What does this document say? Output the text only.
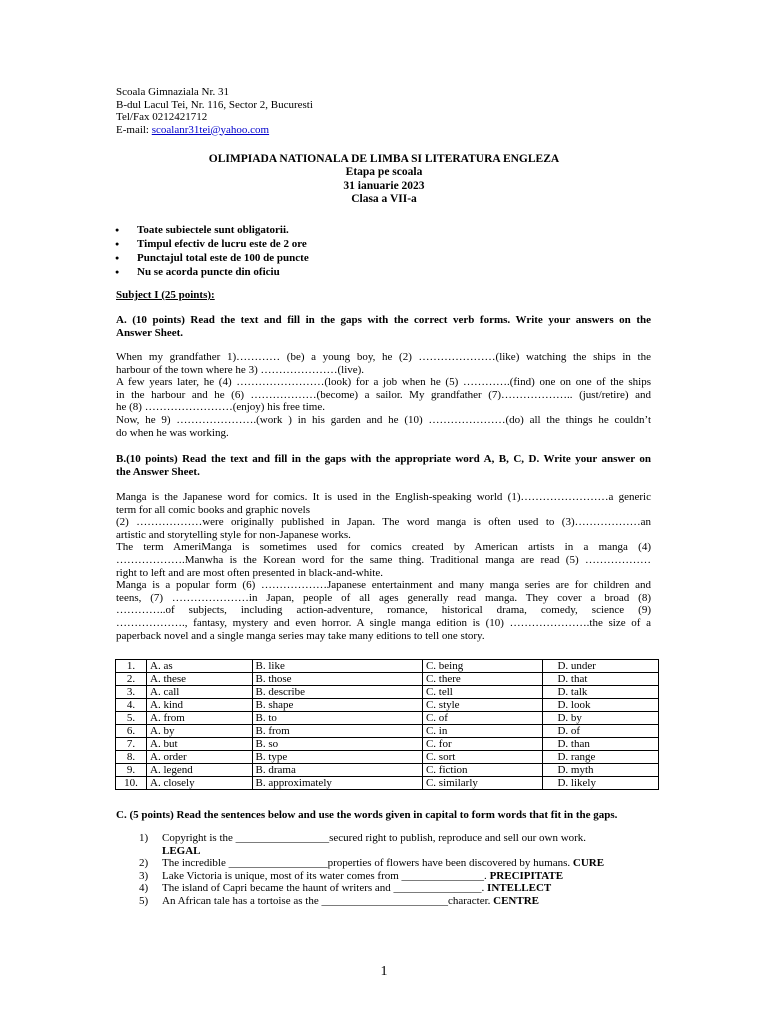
Scoala Gimnaziala Nr. 31
B-dul Lacul Tei, Nr. 116, Sector 2, Bucuresti
Tel/Fax 0212421712
E-mail: scoalanr31tei@yahoo.com
OLIMPIADA NATIONALA DE LIMBA SI LITERATURA ENGLEZA
Etapa pe scoala
31 ianuarie 2023
Clasa a VII-a
● Toate subiectele sunt obligatorii.
● Timpul efectiv de lucru este de 2 ore
● Punctajul total este de 100 de puncte
● Nu se acorda puncte din oficiu
Subject I (25 points):
A. (10 points) Read the text and fill in the gaps with the correct verb forms. Write your answers on the
Answer Sheet.
When my grandfather 1)………… (be) a young boy, he (2) …………………(like) watching the ships in the
harbour of the town where he 3) …………………(live).
A few years later, he (4) ……………………(look) for a job when he (5) ………….(find) one on one of the ships
in the harbour and he (6) ………………(become) a sailor. My grandfather (7)……………….. (just/retire) and
he (8) ……………………(enjoy) his free time.
Now, he 9) ………………….(work ) in his garden and he (10) …………………(do) all the things he couldn’t
do when he was working.
B.(10 points) Read the text and fill in the gaps with the appropriate word A, B, C, D. Write your answer on
the Answer Sheet.
Manga is the Japanese word for comics. It is used in the English-speaking world (1)……………………a generic
term for all comic books and graphic novels
(2) ………………were originally published in Japan. The word manga is often used to (3)………………an
artistic and storytelling style for non-Japanese works.
The term AmeriManga is sometimes used for comics created by American artists in a manga (4)
……………….Manwha is the Korean word for the same thing. Traditional manga are read (5) ………………
right to left and are most often presented in black-and-white.
Manga is a popular form (6) ………………Japanese entertainment and many manga series are for children and
teens, (7) …………………in Japan, people of all ages generally read manga. They cover a broad (8)
…………..of subjects, including action-adventure, romance, historical drama, comedy, science (9)
………………., fantasy, mystery and even horror. A single manga edition is (10) ………………….the size of a
paperback novel and a single manga series may take many editions to tell one story.
1.	A. as	B. like	C. being	D. under
2.	A. these	B. those	C. there	D. that
3.	A. call	B. describe	C. tell	D. talk
4.	A. kind	B. shape	C. style	D. look
5.	A. from	B. to	C. of	D. by
6.	A. by	B. from	C. in	D. of
7.	A. but	B. so	C. for	D. than
8.	A. order	B. type	C. sort	D. range
9.	A. legend	B. drama	C. fiction	D. myth
10.	A. closely	B. approximately	C. similarly	D. likely
C. (5 points) Read the sentences below and use the words given in capital to form words that fit in the gaps.
1) Copyright is the _________________secured right to publish, reproduce and sell our own work.
LEGAL
2) The incredible __________________properties of flowers have been discovered by humans. CURE
3) Lake Victoria is unique, most of its water comes from _______________. PRECIPITATE
4) The island of Capri became the haunt of writers and ________________. INTELLECT
5) An African tale has a tortoise as the _______________________character. CENTRE
1
